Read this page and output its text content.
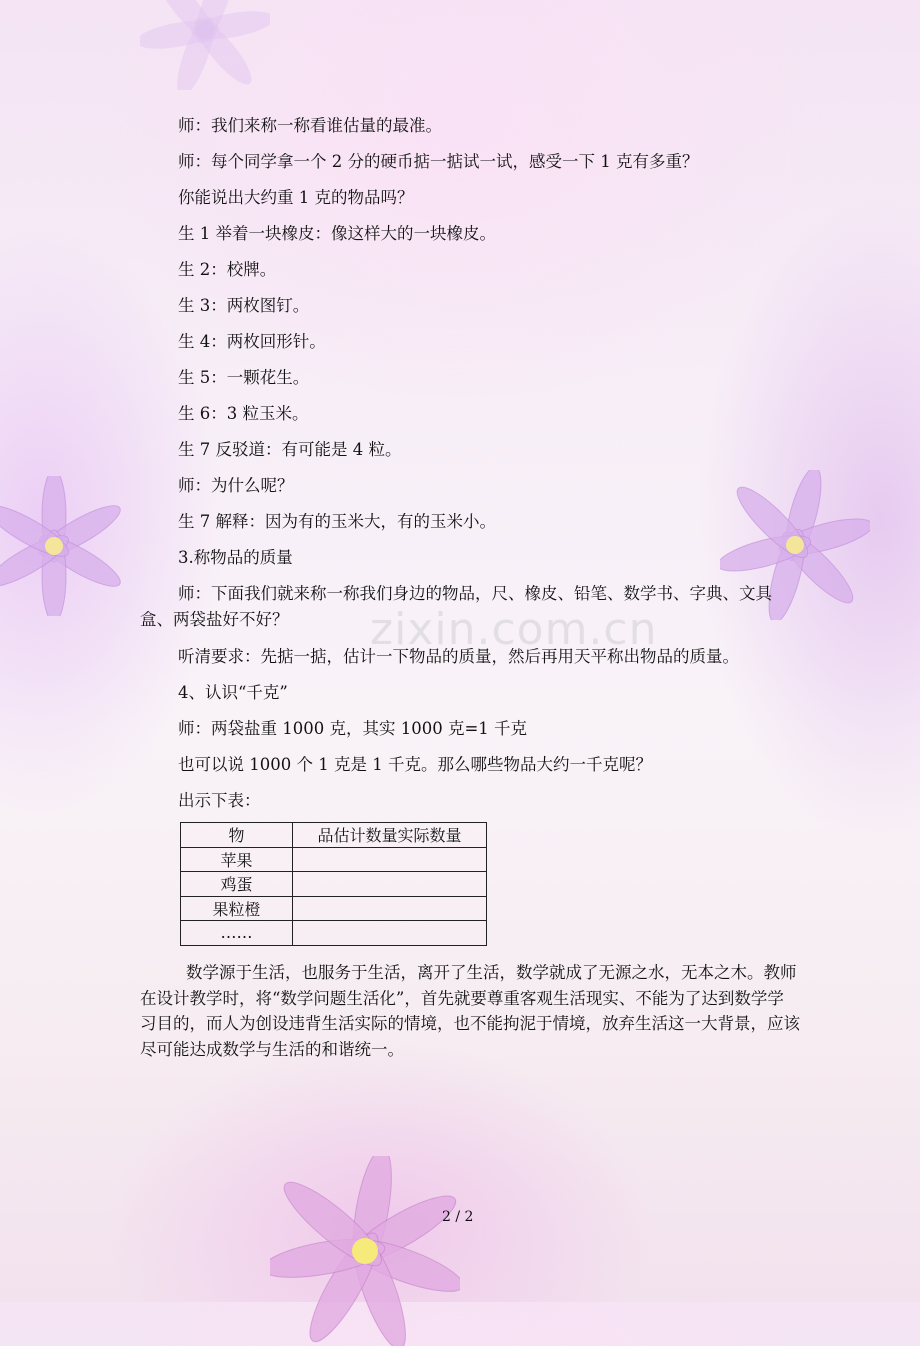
zixin.com.cn
师：我们来称一称看谁估量的最准。
师：每个同学拿一个 2 分的硬币掂一掂试一试，感受一下 1 克有多重？
你能说出大约重 1 克的物品吗？
生 1 举着一块橡皮：像这样大的一块橡皮。
生 2：校牌。
生 3：两枚图钉。
生 4：两枚回形针。
生 5：一颗花生。
生 6：3 粒玉米。
生 7 反驳道：有可能是 4 粒。
师：为什么呢？
生 7 解释：因为有的玉米大，有的玉米小。
3.称物品的质量
师：下面我们就来称一称我们身边的物品，尺、橡皮、铅笔、数学书、字典、文具盒、两袋盐好不好？
听清要求：先掂一掂，估计一下物品的质量，然后再用天平称出物品的质量。
4、认识“千克”
师：两袋盐重 1000 克，其实 1000 克=1 千克
也可以说 1000 个 1 克是 1 千克。那么哪些物品大约一千克呢？
出示下表：
物	品估计数量实际数量
苹果	
鸡蛋	
果粒橙	
……	
数学源于生活，也服务于生活，离开了生活，数学就成了无源之水，无本之木。教师在设计教学时，将“数学问题生活化”，首先就要尊重客观生活现实、不能为了达到数学学习目的，而人为创设违背生活实际的情境，也不能拘泥于情境，放弃生活这一大背景，应该尽可能达成数学与生活的和谐统一。
2 / 2
